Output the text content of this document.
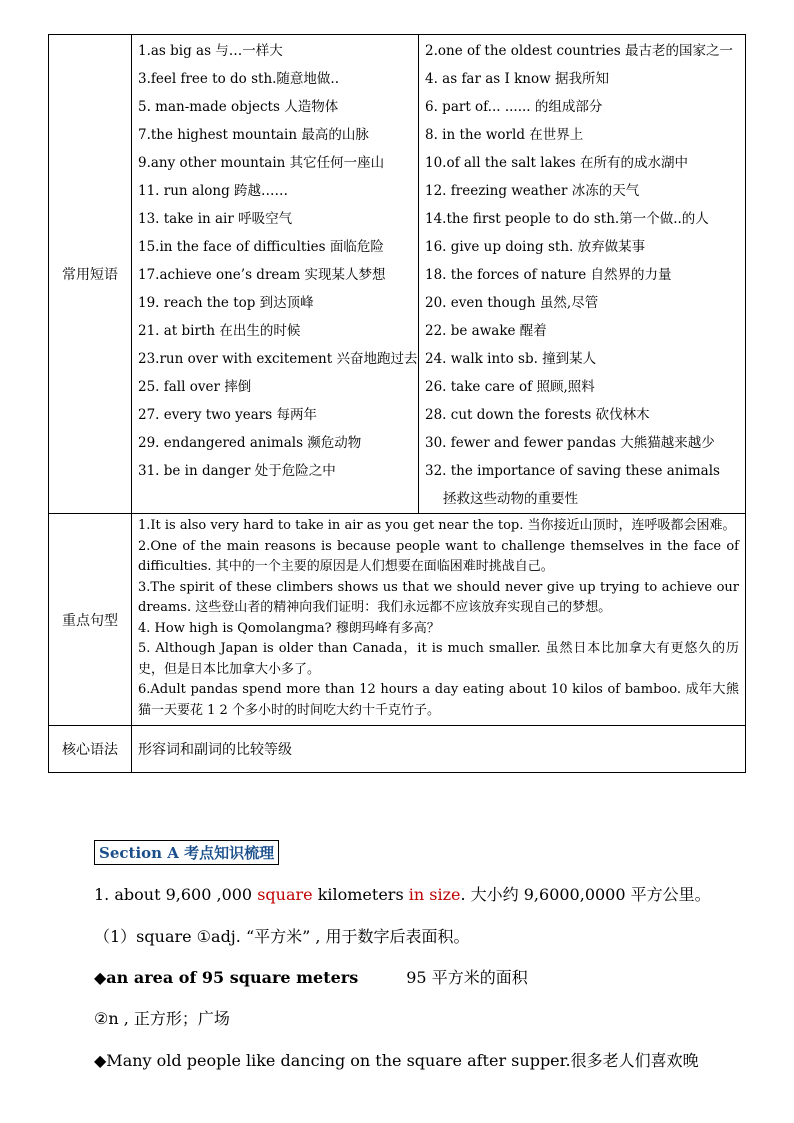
常用短语	
1.as big as 与…一样大	2.one of the oldest countries 最古老的国家之一
3.feel free to do sth.随意地做..	4. as far as I know 据我所知
5. man-made objects 人造物体	6. part of... ...... 的组成部分
7.the highest mountain 最高的山脉	8. in the world 在世界上
9.any other mountain 其它任何一座山	10.of all the salt lakes 在所有的成水湖中
11. run along 跨越……	12. freezing weather 冰冻的天气
13. take in air 呼吸空气	14.the first people to do sth.第一个做..的人
15.in the face of difficulties 面临危险	16. give up doing sth. 放弃做某事
17.achieve one’s dream 实现某人梦想	18. the forces of nature 自然界的力量
19. reach the top 到达顶峰	20. even though 虽然,尽管
21. at birth 在出生的时候	22. be awake 醒着
23.run over with excitement 兴奋地跑过去	24. walk into sb. 撞到某人
25. fall over 摔倒	26. take care of 照顾,照料
27. every two years 每两年	28. cut down the forests 砍伐林木
29. endangered animals 濒危动物	30. fewer and fewer pandas 大熊猫越来越少
31. be in danger 处于危险之中	32. the importance of saving these animals
	拯救这些动物的重要性

重点句型	

1.It is also very hard to take in air as you get near the top. 当你接近山顶时，连呼吸都会困难。

2.One of the main reasons is because people want to challenge themselves in the face of difficulties. 其中的一个主要的原因是人们想要在面临困难时挑战自己。

3.The spirit of these climbers shows us that we should never give up trying to achieve our dreams. 这些登山者的精神向我们证明：我们永远都不应该放弃实现自己的梦想。

4. How high is Qomolangma? 穆朗玛峰有多高？

5. Although Japan is older than Canada，it is much smaller. 虽然日本比加拿大有更悠久的历史，但是日本比加拿大小多了。

6.Adult pandas spend more than 12 hours a day eating about 10 kilos of bamboo. 成年大熊猫一天要花 1 2 个多小时的时间吃大约十千克竹子。

核心语法	形容词和副词的比较等级
Section A 考点知识梳理
1. about 9,600 ,000 square kilometers in size. 大小约 9,6000,0000 平方公里。
（1）square ①adj. “平方米” , 用于数字后表面积。
◆an area of 95 square meters	95 平方米的面积
②n , 正方形；广场
◆Many old people like dancing on the square after supper.很多老人们喜欢晚
